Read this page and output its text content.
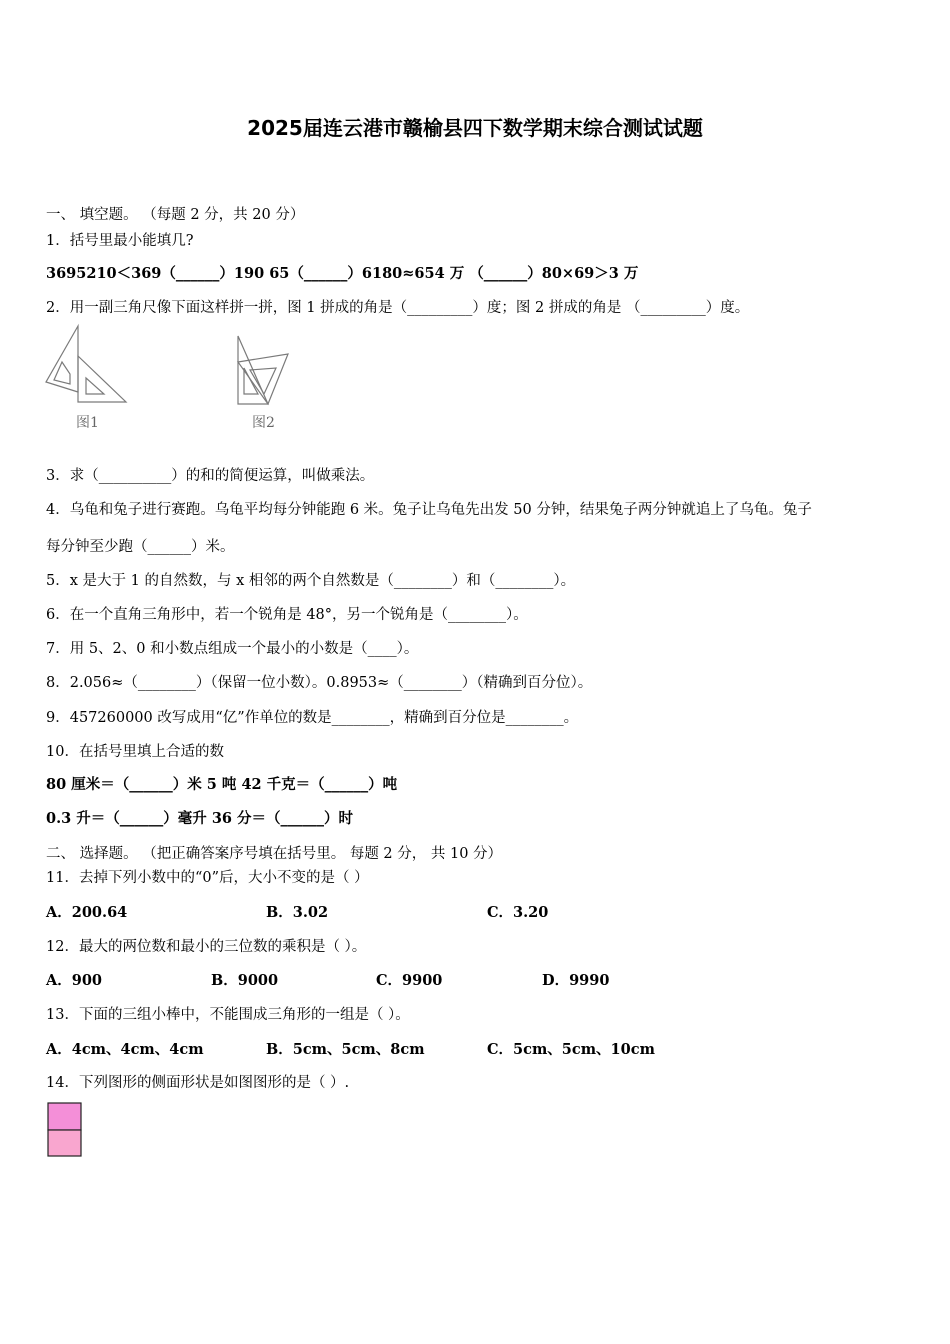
2025届连云港市赣榆县四下数学期末综合测试试题
一、 填空题。 （每题 2 分，共 20 分）
1．括号里最小能填几?
3695210＜369（______）190 65（______）6180≈654 万 （______）80×69＞3 万
2．用一副三角尺像下面这样拼一拼，图 1 拼成的角是（_________）度；图 2 拼成的角是 （_________）度。
图1	图2
3．求（__________）的和的简便运算，叫做乘法。
4．乌龟和兔子进行赛跑。乌龟平均每分钟能跑 6 米。兔子让乌龟先出发 50 分钟，结果兔子两分钟就追上了乌龟。兔子
每分钟至少跑（______）米。
5．x 是大于 1 的自然数，与 x 相邻的两个自然数是（________）和（________）。
6．在一个直角三角形中，若一个锐角是 48°，另一个锐角是（________）。
7．用 5、2、0 和小数点组成一个最小的小数是（____）。
8．2.056≈（________）（保留一位小数）。0.8953≈（________）（精确到百分位）。
9．457260000 改写成用“亿”作单位的数是________，精确到百分位是________。
10．在括号里填上合适的数
80 厘米＝（______）米 5 吨 42 千克＝（______）吨
0.3 升＝（______）毫升 36 分＝（______）时
二、 选择题。 （把正确答案序号填在括号里。 每题 2 分， 共 10 分）
11．去掉下列小数中的“0”后，大小不变的是（ ）
A．200.64	B．3.02	C．3.20
12．最大的两位数和最小的三位数的乘积是（ ）。
A．900	B．9000	C．9900	D．9990
13．下面的三组小棒中，不能围成三角形的一组是（ ）。
A．4cm、4cm、4cm	B．5cm、5cm、8cm	C．5cm、5cm、10cm
14．下列图形的侧面形状是如图图形的是（ ）.
